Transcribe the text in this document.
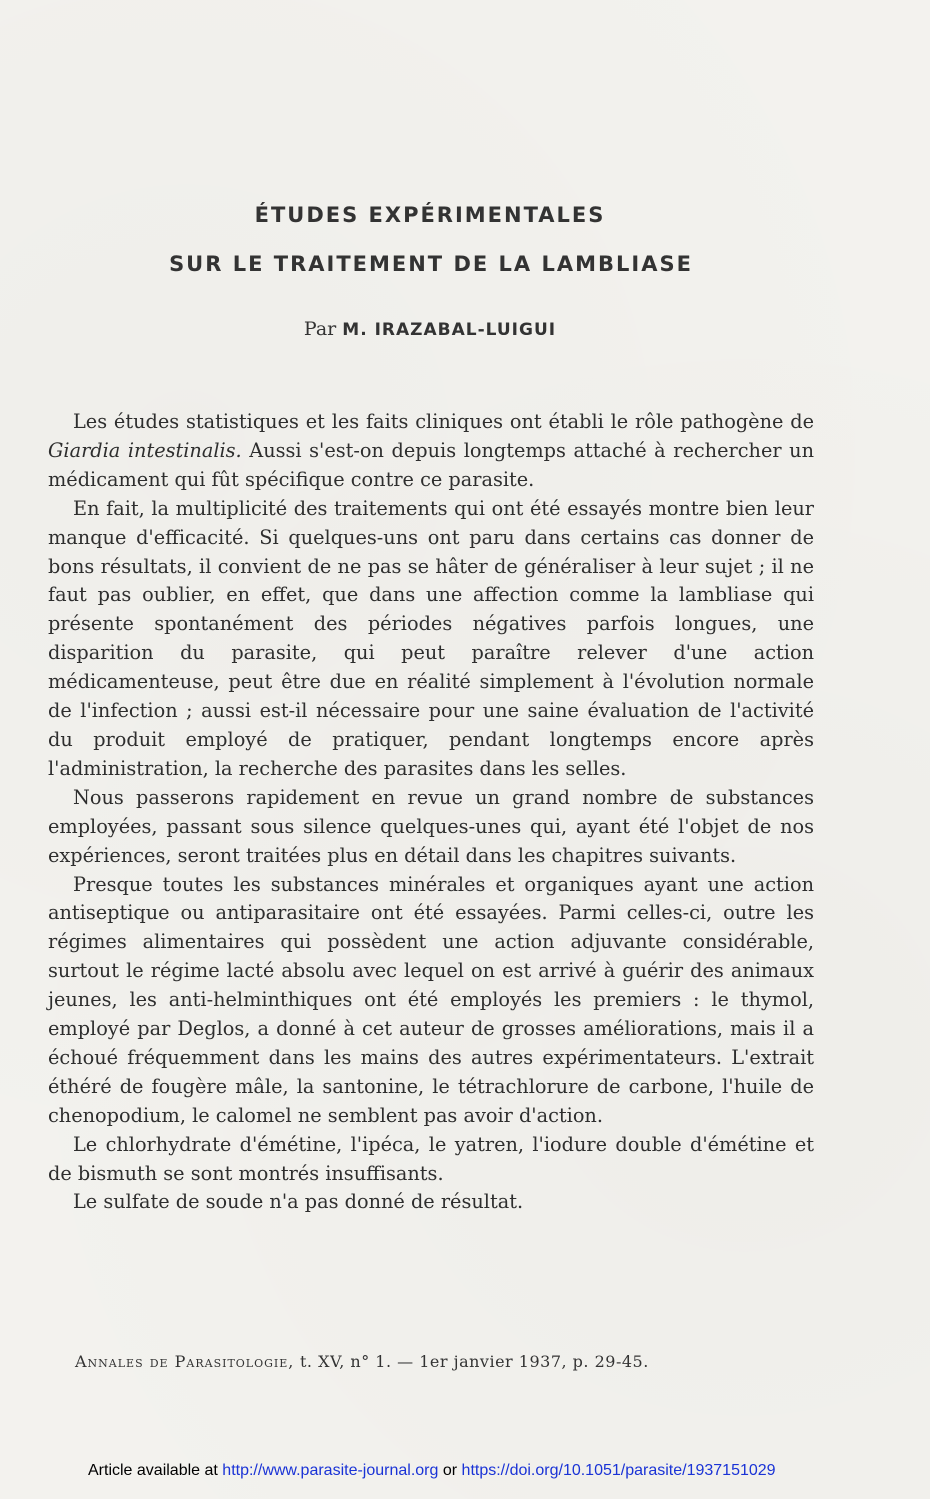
ÉTUDES EXPÉRIMENTALES
SUR LE TRAITEMENT DE LA LAMBLIASE
Par M. IRAZABAL-LUIGUI

Les études statistiques et les faits cliniques ont établi le rôle pathogène de Giardia intestinalis. Aussi s'est-on depuis longtemps attaché à rechercher un médicament qui fût spécifique contre ce parasite.

En fait, la multiplicité des traitements qui ont été essayés montre bien leur manque d'efficacité. Si quelques-uns ont paru dans certains cas donner de bons résultats, il convient de ne pas se hâter de généraliser à leur sujet ; il ne faut pas oublier, en effet, que dans une affection comme la lambliase qui présente spontanément des périodes négatives parfois longues, une disparition du parasite, qui peut paraître relever d'une action médicamenteuse, peut être due en réalité simplement à l'évolution normale de l'infection ; aussi est-il nécessaire pour une saine évaluation de l'activité du produit employé de pratiquer, pendant longtemps encore après l'administration, la recherche des parasites dans les selles.

Nous passerons rapidement en revue un grand nombre de substances employées, passant sous silence quelques-unes qui, ayant été l'objet de nos expériences, seront traitées plus en détail dans les chapitres suivants.

Presque toutes les substances minérales et organiques ayant une action antiseptique ou antiparasitaire ont été essayées. Parmi celles-ci, outre les régimes alimentaires qui possèdent une action adjuvante considérable, surtout le régime lacté absolu avec lequel on est arrivé à guérir des animaux jeunes, les anti-helminthiques ont été employés les premiers : le thymol, employé par Deglos, a donné à cet auteur de grosses améliorations, mais il a échoué fréquemment dans les mains des autres expérimentateurs. L'extrait éthéré de fougère mâle, la santonine, le tétrachlorure de carbone, l'huile de chenopodium, le calomel ne semblent pas avoir d'action.

Le chlorhydrate d'émétine, l'ipéca, le yatren, l'iodure double d'émétine et de bismuth se sont montrés insuffisants.

Le sulfate de soude n'a pas donné de résultat.

Annales de Parasitologie, t. XV, n° 1. — 1er janvier 1937, p. 29-45.
Article available at http://www.parasite-journal.org or https://doi.org/10.1051/parasite/1937151029
